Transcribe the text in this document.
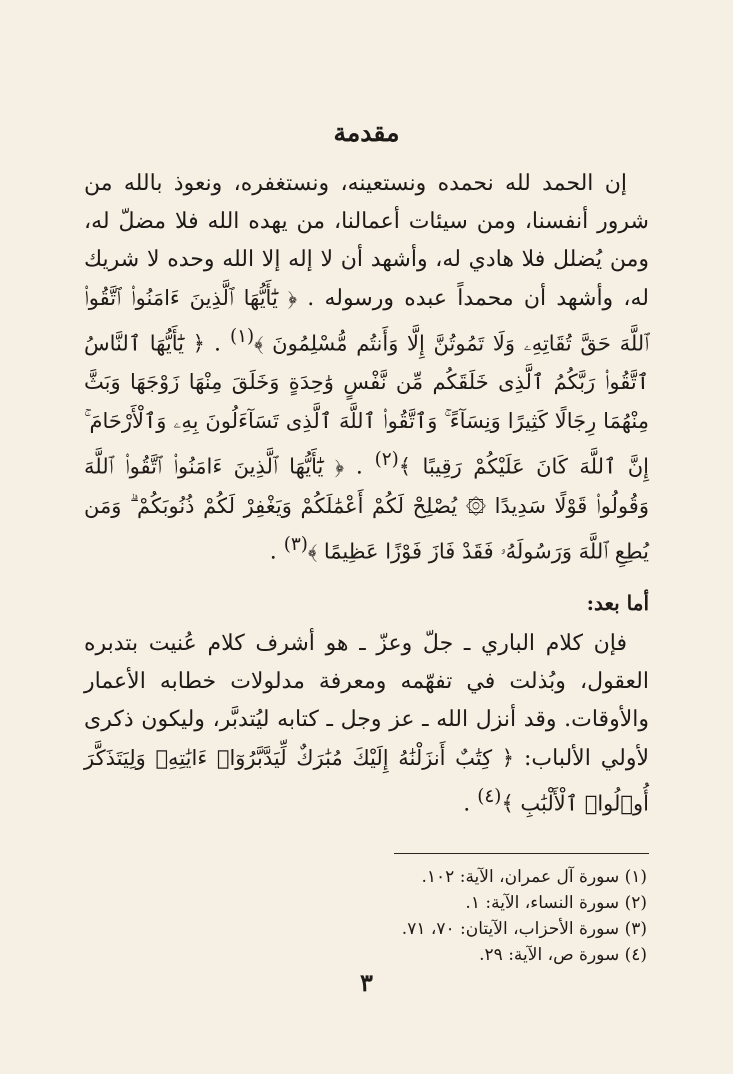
مقدمة

إن الحمد لله نحمده ونستعينه، ونستغفره، ونعوذ بالله من شرور أنفسنا، ومن سيئات أعمالنا، من يهده الله فلا مضلّ له، ومن يُضلل فلا هادي له، وأشهد أن لا إله إلا الله وحده لا شريك له، وأشهد أن محمداً عبده ورسوله . ﴿ يَٰٓأَيُّهَا ٱلَّذِينَ ءَامَنُوا۟ ٱتَّقُوا۟ ٱللَّهَ حَقَّ تُقَاتِهِۦ وَلَا تَمُوتُنَّ إِلَّا وَأَنتُم مُّسْلِمُونَ ﴾$^{(١)}$ . ﴿ يَٰٓأَيُّهَا ٱلنَّاسُ ٱتَّقُوا۟ رَبَّكُمُ ٱلَّذِى خَلَقَكُم مِّن نَّفْسٍ وَٰحِدَةٍ وَخَلَقَ مِنْهَا زَوْجَهَا وَبَثَّ مِنْهُمَا رِجَالًا كَثِيرًا وَنِسَآءً ۚ وَٱتَّقُوا۟ ٱللَّهَ ٱلَّذِى تَسَآءَلُونَ بِهِۦ وَٱلْأَرْحَامَ ۚ إِنَّ ٱللَّهَ كَانَ عَلَيْكُمْ رَقِيبًا ﴾$^{(٢)}$ . ﴿ يَٰٓأَيُّهَا ٱلَّذِينَ ءَامَنُوا۟ ٱتَّقُوا۟ ٱللَّهَ وَقُولُوا۟ قَوْلًا سَدِيدًا ۞ يُصْلِحْ لَكُمْ أَعْمَٰلَكُمْ وَيَغْفِرْ لَكُمْ ذُنُوبَكُمْ ۗ وَمَن يُطِعِ ٱللَّهَ وَرَسُولَهُۥ فَقَدْ فَازَ فَوْزًا عَظِيمًا ﴾$^{(٣)}$ .

أما بعد:

فإن كلام الباري ـ جلّ وعزّ ـ هو أشرف كلام عُنيت بتدبره العقول، وبُذلت في تفهّمه ومعرفة مدلولات خطابه الأعمار والأوقات. وقد أنزل الله ـ عز وجل ـ كتابه ليُتدبَّر، وليكون ذكرى لأولي الألباب: ﴿ كِتَٰبٌ أَنزَلْنَٰهُ إِلَيْكَ مُبَٰرَكٌ لِّيَدَّبَّرُوٓا۟ ءَايَٰتِهِۦ وَلِيَتَذَكَّرَ أُو۟لُوا۟ ٱلْأَلْبَٰبِ ﴾$^{(٤)}$ .

(١) سورة آل عمران، الآية: ١٠٢.
(٢) سورة النساء، الآية: ١.
(٣) سورة الأحزاب، الآيتان: ٧٠، ٧١.
(٤) سورة ص، الآية: ٢٩.
٣
